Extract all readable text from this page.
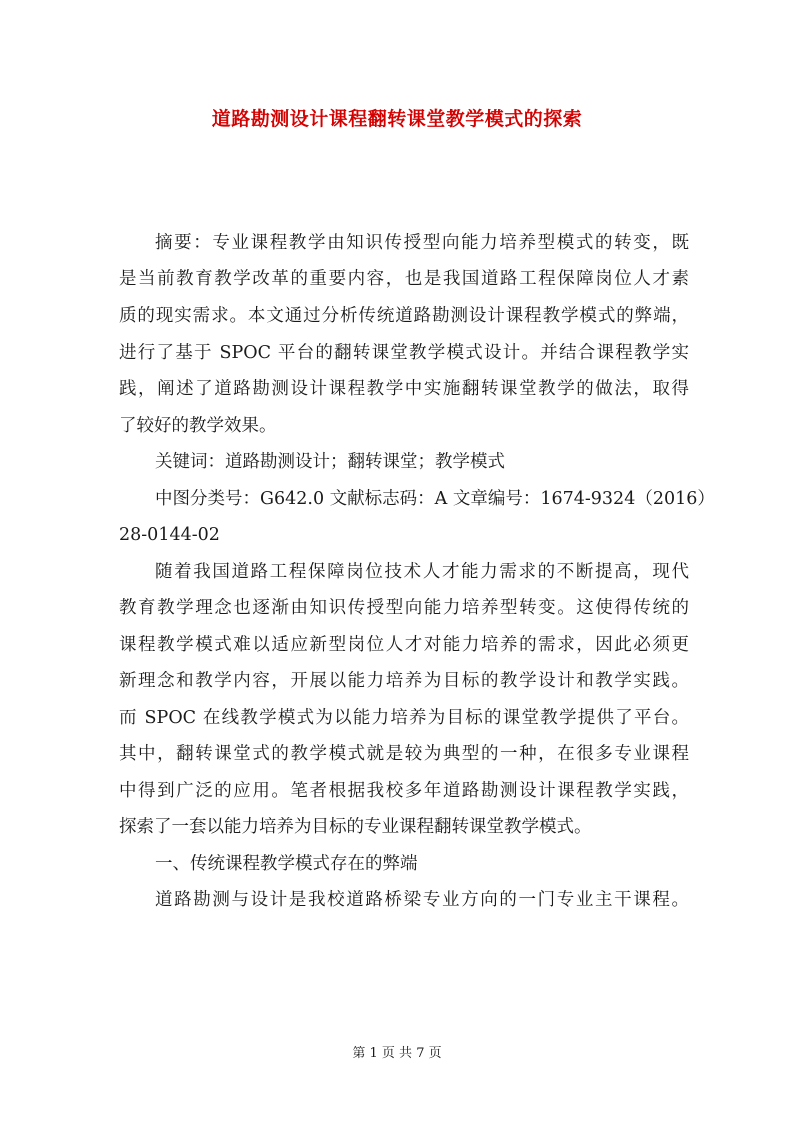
道路勘测设计课程翻转课堂教学模式的探索
摘要：专业课程教学由知识传授型向能力培养型模式的转变，既
是当前教育教学改革的重要内容，也是我国道路工程保障岗位人才素
质的现实需求。本文通过分析传统道路勘测设计课程教学模式的弊端，
进行了基于 SPOC 平台的翻转课堂教学模式设计。并结合课程教学实
践，阐述了道路勘测设计课程教学中实施翻转课堂教学的做法，取得
了较好的教学效果。
关键词：道路勘测设计；翻转课堂；教学模式
中图分类号：G642.0 文献标志码：A 文章编号：1674-9324（2016）
28-0144-02
随着我国道路工程保障岗位技术人才能力需求的不断提高，现代
教育教学理念也逐渐由知识传授型向能力培养型转变。这使得传统的
课程教学模式难以适应新型岗位人才对能力培养的需求，因此必须更
新理念和教学内容，开展以能力培养为目标的教学设计和教学实践。
而 SPOC 在线教学模式为以能力培养为目标的课堂教学提供了平台。
其中，翻转课堂式的教学模式就是较为典型的一种，在很多专业课程
中得到广泛的应用。笔者根据我校多年道路勘测设计课程教学实践，
探索了一套以能力培养为目标的专业课程翻转课堂教学模式。
一、传统课程教学模式存在的弊端
道路勘测与设计是我校道路桥梁专业方向的一门专业主干课程。
第 1 页 共 7 页
